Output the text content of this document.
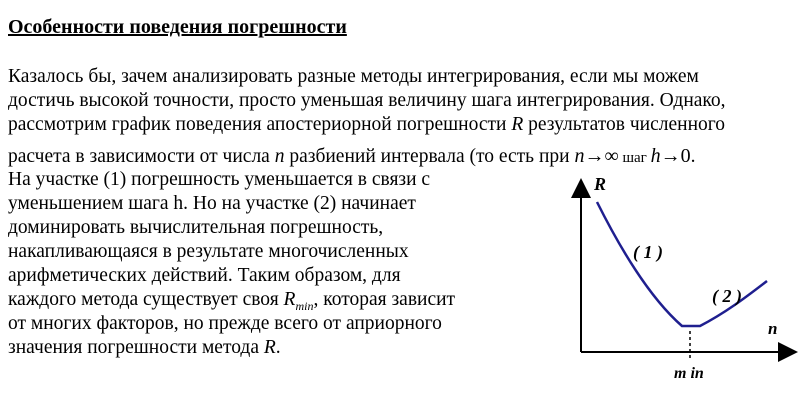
Особенности поведения погрешности
Казалось бы, зачем анализировать разные методы интегрирования, если мы можем
достичь высокой точности, просто уменьшая величину шага интегрирования. Однако,
рассмотрим график поведения апостериорной погрешности R результатов численного
расчета в зависимости от числа n разбиений интервала (то есть при n→∞ шаг h→0.
На участке (1) погрешность уменьшается в связи с
уменьшением шага h. Но на участке (2) начинает
доминировать вычислительная погрешность,
накапливающаяся в результате многочисленных
арифметических действий. Таким образом, для
каждого метода существует своя $R_{min}$, которая зависит
от многих факторов, но прежде всего от априорного
значения погрешности метода R.
R
n
( 1 )
( 2 )
m in
